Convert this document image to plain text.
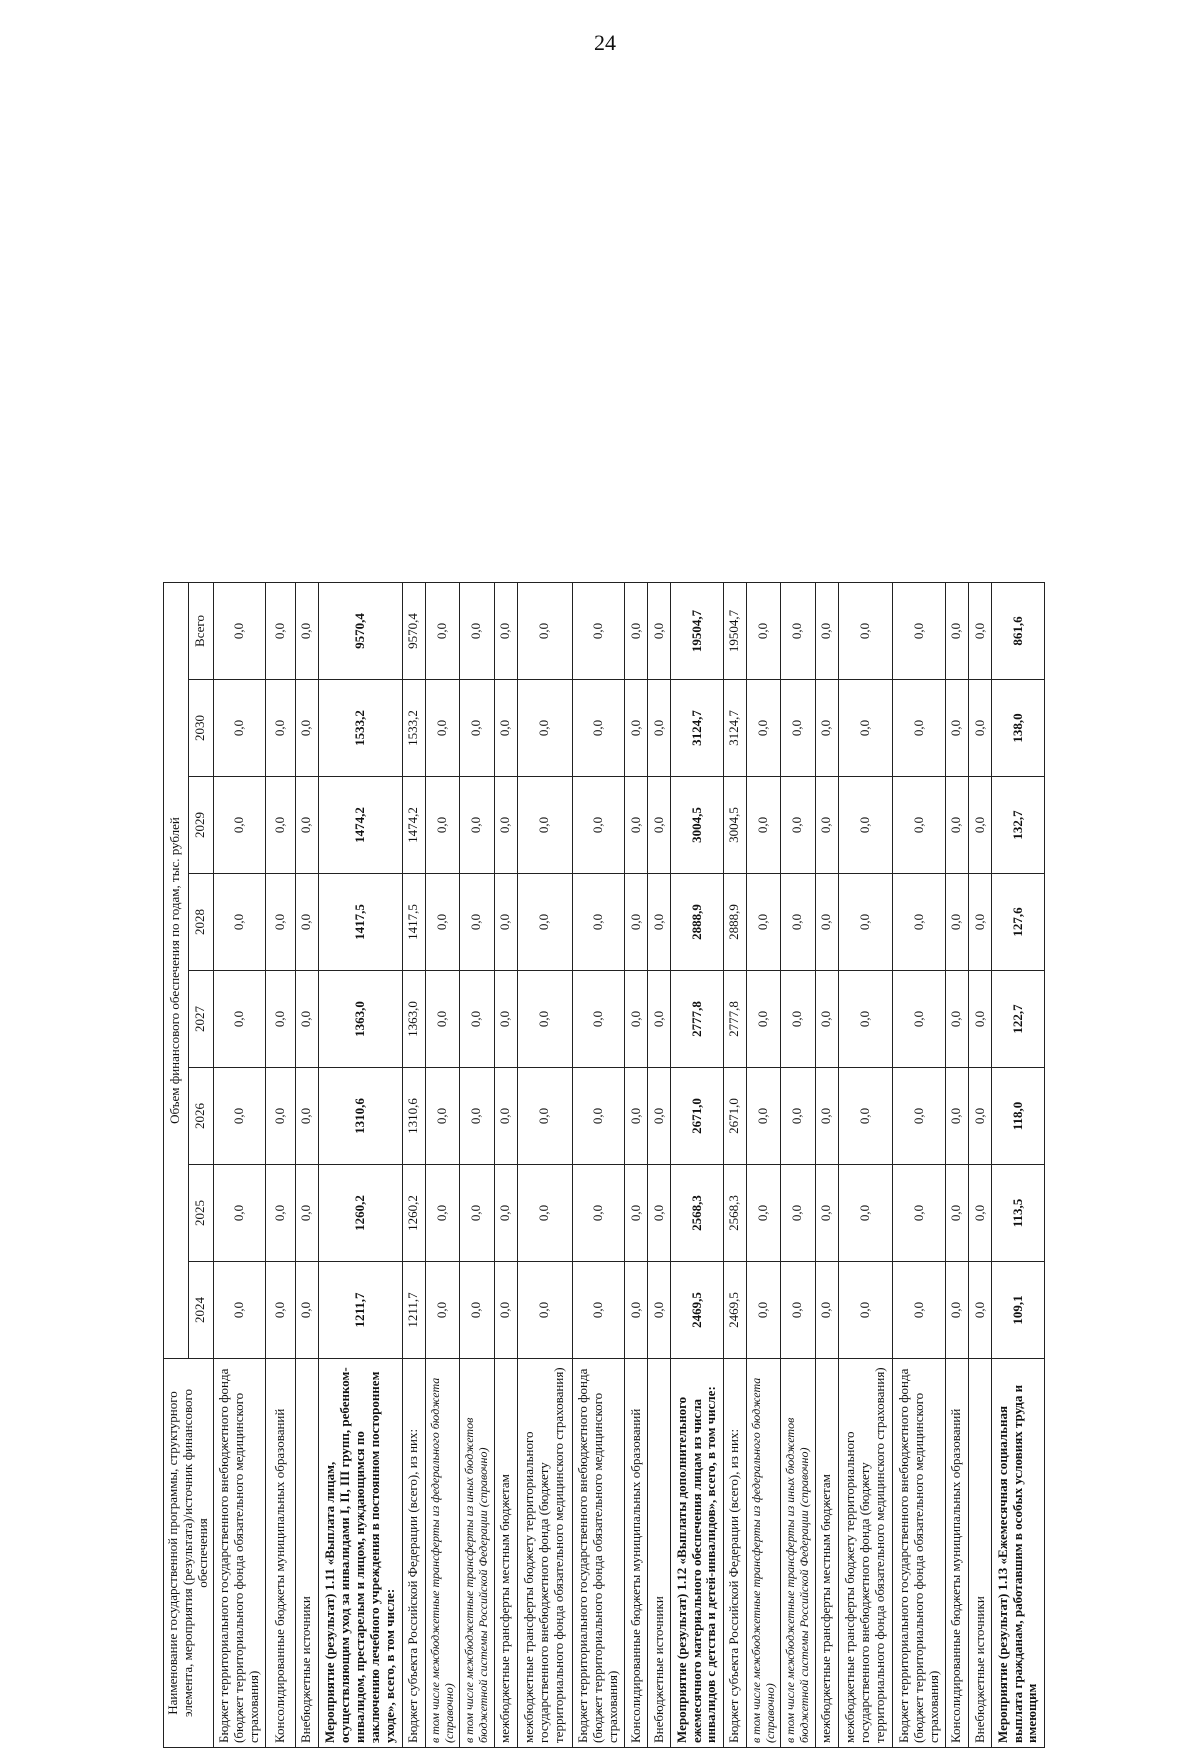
24
Наименование государственной программы, структурного элемента, мероприятия (результата)/источник финансового обеспечения	Объем финансового обеспечения по годам, тыс. рублей							
	2024	2025	2026	2027	2028	2029	2030	Всего
Бюджет территориального государственного внебюджетного фонда (бюджет территориального фонда обязательного медицинского страхования)	0,0	0,0	0,0	0,0	0,0	0,0	0,0	0,0
Консолидированные бюджеты муниципальных образований	0,0	0,0	0,0	0,0	0,0	0,0	0,0	0,0
Внебюджетные источники	0,0	0,0	0,0	0,0	0,0	0,0	0,0	0,0
Мероприятие (результат) 1.11 «Выплата лицам, осуществляющим уход за инвалидами I, II, III групп, ребенком-инвалидом, престарелым и лицом, нуждающимся по заключению лечебного учреждения в постоянном постороннем уходе», всего, в том числе:	1211,7	1260,2	1310,6	1363,0	1417,5	1474,2	1533,2	9570,4
Бюджет субъекта Российской Федерации (всего), из них:	1211,7	1260,2	1310,6	1363,0	1417,5	1474,2	1533,2	9570,4
в том числе межбюджетные трансферты из федерального бюджета (справочно)	0,0	0,0	0,0	0,0	0,0	0,0	0,0	0,0
в том числе межбюджетные трансферты из иных бюджетов бюджетной системы Российской Федерации (справочно)	0,0	0,0	0,0	0,0	0,0	0,0	0,0	0,0
межбюджетные трансферты местным бюджетам	0,0	0,0	0,0	0,0	0,0	0,0	0,0	0,0
межбюджетные трансферты бюджету территориального государственного внебюджетного фонда (бюджету территориального фонда обязательного медицинского страхования)	0,0	0,0	0,0	0,0	0,0	0,0	0,0	0,0
Бюджет территориального государственного внебюджетного фонда (бюджет территориального фонда обязательного медицинского страхования)	0,0	0,0	0,0	0,0	0,0	0,0	0,0	0,0
Консолидированные бюджеты муниципальных образований	0,0	0,0	0,0	0,0	0,0	0,0	0,0	0,0
Внебюджетные источники	0,0	0,0	0,0	0,0	0,0	0,0	0,0	0,0
Мероприятие (результат) 1.12 «Выплаты дополнительного ежемесячного материального обеспечения лицам из числа инвалидов с детства и детей-инвалидов», всего, в том числе:	2469,5	2568,3	2671,0	2777,8	2888,9	3004,5	3124,7	19504,7
Бюджет субъекта Российской Федерации (всего), из них:	2469,5	2568,3	2671,0	2777,8	2888,9	3004,5	3124,7	19504,7
в том числе межбюджетные трансферты из федерального бюджета (справочно)	0,0	0,0	0,0	0,0	0,0	0,0	0,0	0,0
в том числе межбюджетные трансферты из иных бюджетов бюджетной системы Российской Федерации (справочно)	0,0	0,0	0,0	0,0	0,0	0,0	0,0	0,0
межбюджетные трансферты местным бюджетам	0,0	0,0	0,0	0,0	0,0	0,0	0,0	0,0
межбюджетные трансферты бюджету территориального государственного внебюджетного фонда (бюджету территориального фонда обязательного медицинского страхования)	0,0	0,0	0,0	0,0	0,0	0,0	0,0	0,0
Бюджет территориального государственного внебюджетного фонда (бюджет территориального фонда обязательного медицинского страхования)	0,0	0,0	0,0	0,0	0,0	0,0	0,0	0,0
Консолидированные бюджеты муниципальных образований	0,0	0,0	0,0	0,0	0,0	0,0	0,0	0,0
Внебюджетные источники	0,0	0,0	0,0	0,0	0,0	0,0	0,0	0,0
Мероприятие (результат) 1.13 «Ежемесячная социальная выплата гражданам, работавшим в особых условиях труда и имеющим	109,1	113,5	118,0	122,7	127,6	132,7	138,0	861,6
